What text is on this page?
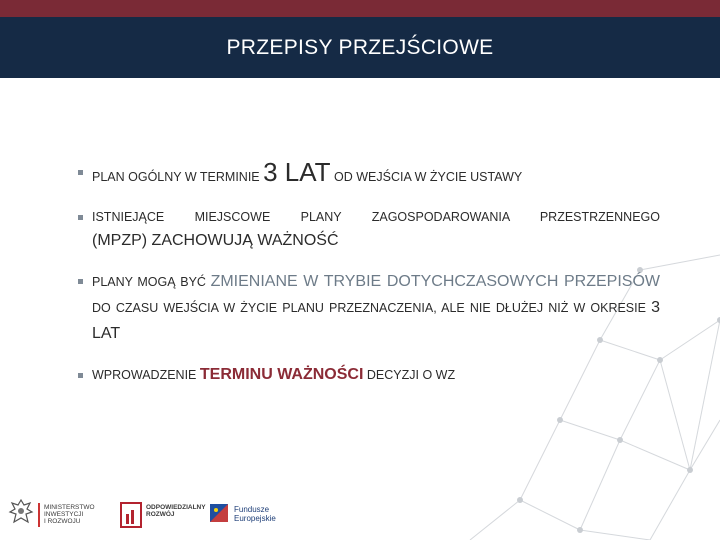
PRZEPISY PRZEJŚCIOWE
PLAN OGÓLNY W TERMINIE 3 LAT OD WEJŚCIA W ŻYCIE USTAWY
ISTNIEJĄCE MIEJSCOWE PLANY ZAGOSPODAROWANIA PRZESTRZENNEGO
(MPZP) ZACHOWUJĄ WAŻNOŚĆ
PLANY MOGĄ BYĆ ZMIENIANE W TRYBIE DOTYCHCZASOWYCH PRZEPISÓW DO CZASU WEJŚCIA W ŻYCIE PLANU PRZEZNACZENIA, ALE NIE DŁUŻEJ NIŻ W OKRESIE 3 LAT
WPROWADZENIE TERMINU WAŻNOŚCI DECYZJI O WZ
MINISTERSTWO
INWESTYCJI
I ROZWOJU
ODPOWIEDZIALNY
ROZWÓJ
Fundusze
Europejskie
